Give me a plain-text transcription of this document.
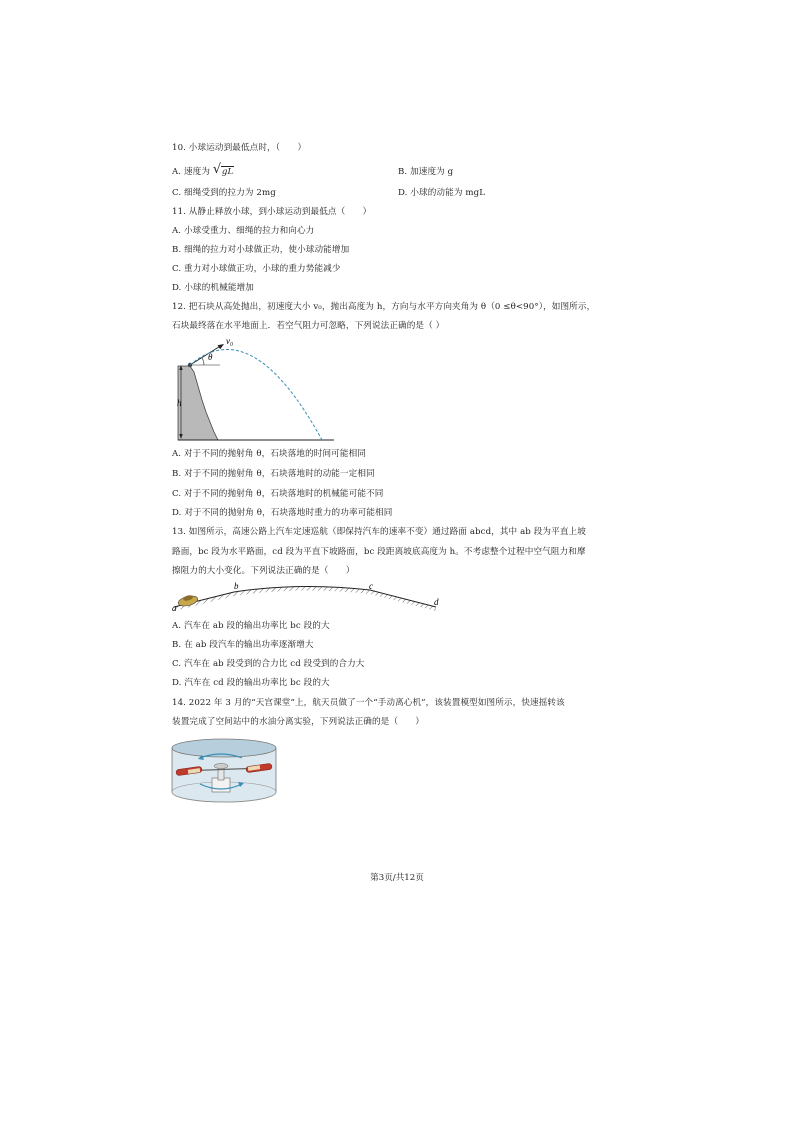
10. 小球运动到最低点时，（　　）
A. 速度为 √ gL	B. 加速度为 g
C. 细绳受到的拉力为 2mg	D. 小球的动能为 mgL
11. 从静止释放小球，到小球运动到最低点（　　）
A. 小球受重力、细绳的拉力和向心力
B. 细绳的拉力对小球做正功，使小球动能增加
C. 重力对小球做正功，小球的重力势能减少
D. 小球的机械能增加
12. 把石块从高处抛出，初速度大小 v₀，抛出高度为 h，方向与水平方向夹角为 θ（0 ≤θ<90°），如图所示，
石块最终落在水平地面上．若空气阻力可忽略，下列说法正确的是（ ）
h
v₀
θ
A. 对于不同的抛射角 θ，石块落地的时间可能相同
B. 对于不同的抛射角 θ，石块落地时的动能一定相同
C. 对于不同的抛射角 θ，石块落地时的机械能可能不同
D. 对于不同的抛射角 θ，石块落地时重力的功率可能相同
13. 如图所示，高速公路上汽车定速巡航（即保持汽车的速率不变）通过路面 abcd，其中 ab 段为平直上坡
路面，bc 段为水平路面，cd 段为平直下坡路面，bc 段距离坡底高度为 h。不考虑整个过程中空气阻力和摩
擦阻力的大小变化。下列说法正确的是（　　）
a
b	c
d
A. 汽车在 ab 段的输出功率比 bc 段的大
B. 在 ab 段汽车的输出功率逐渐增大
C. 汽车在 ab 段受到的合力比 cd 段受到的合力大
D. 汽车在 cd 段的输出功率比 bc 段的大
14. 2022 年 3 月的“天宫课堂”上，航天员做了一个“手动离心机”，该装置模型如图所示，快速摇转该
装置完成了空间站中的水油分离实验，下列说法正确的是（　　）
第3页/共12页
